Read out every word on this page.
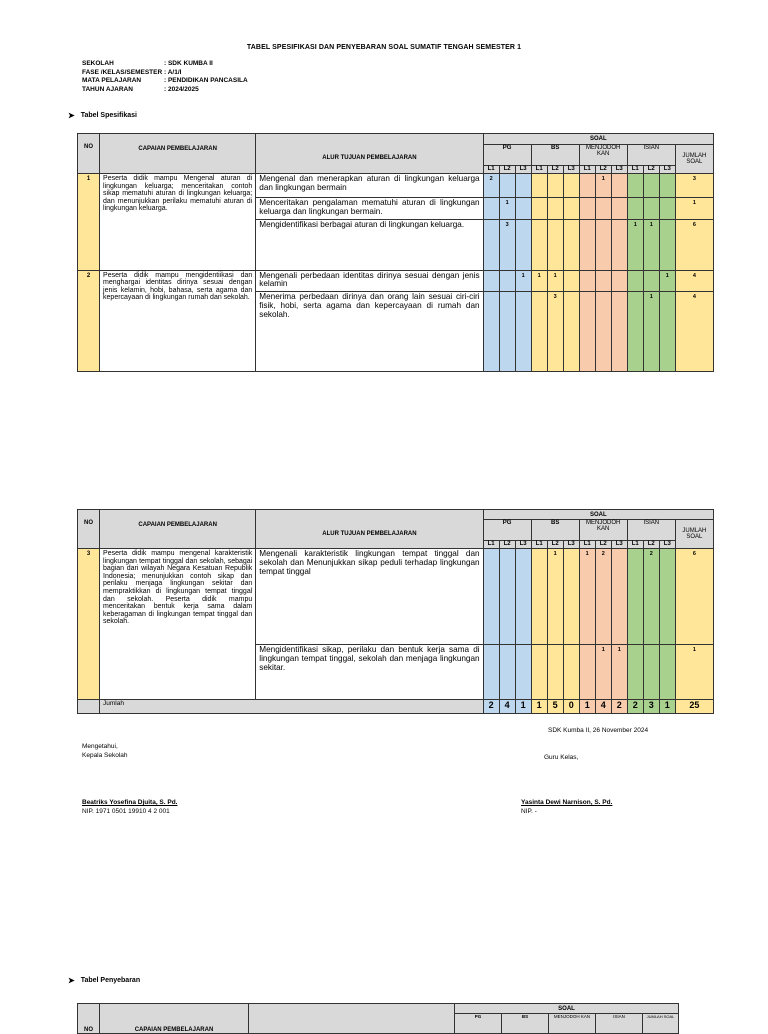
TABEL SPESIFIKASI DAN PENYEBARAN SOAL SUMATIF TENGAH SEMESTER 1
SEKOLAH	: SDK KUMBA II
FASE /KELAS/SEMESTER : A/1/I
MATA PELAJARAN	: PENDIDIKAN PANCASILA
TAHUN AJARAN	: 2024/2025
➤ Tabel Spesifikasi
NO	CAPAIAN PEMBELAJARAN	ALUR TUJUAN PEMBELAJARAN	SOAL												
			PG			BS			MENJODOH KAN			ISIAN			JUMLAH SOAL
			L1	L2	L3	L1	L2	L3	L1	L2	L3	L1	L2	L3	
1	Peserta didik mampu Mengenal aturan di lingkungan keluarga; menceritakan contoh sikap mematuhi aturan di lingkungan keluarga; dan menunjukkan perilaku mematuhi aturan di lingkungan keluarga.	Mengenal dan menerapkan aturan di lingkungan keluarga dan lingkungan bermain	2							1					3
		Menceritakan pengalaman mematuhi aturan di lingkungan keluarga dan lingkungan bermain.		1											1
		Mengidentifikasi berbagai aturan di lingkungan keluarga.		3								1	1		6
2	Peserta didik mampu mengidentiikasi dan menghargai identitas dirinya sesuai dengan jenis kelamin, hobi, bahasa, serta agama dan kepercayaan di lingkungan rumah dan sekolah.	Mengenali perbedaan identitas dirinya sesuai dengan jenis kelamin			1	1	1							1	4
		Menerima perbedaan dirinya dan orang lain sesuai ciri-ciri fisik, hobi, serta agama dan kepercayaan di rumah dan sekolah.					3						1		4
NO	CAPAIAN PEMBELAJARAN	ALUR TUJUAN PEMBELAJARAN	SOAL												
			PG			BS			MENJODOH KAN			ISIAN			JUMLAH SOAL
			L1	L2	L3	L1	L2	L3	L1	L2	L3	L1	L2	L3	
3	Peserta didik mampu mengenal karakteristik lingkungan tempat tinggal dan sekolah, sebagai bagian dari wilayah Negara Kesatuan Republik Indonesia; menunjukkan contoh sikap dan perilaku menjaga lingkungan sekitar dan mempraktikkan di lingkungan tempat tinggal dan sekolah. Peserta didik mampu menceritakan bentuk kerja sama dalam keberagaman di lingkungan tempat tinggal dan sekolah.	Mengenali karakteristik lingkungan tempat tinggal dan sekolah dan Menunjukkan sikap peduli terhadap lingkungan tempat tinggal					1		1	2			2		6
		Mengidentifikasi sikap, perilaku dan bentuk kerja sama di lingkungan tempat tinggal, sekolah dan menjaga lingkungan sekitar.								1	1				1
	Jumlah		2	4	1	1	5	0	1	4	2	2	3	1	25
SDK Kumba II, 26 November 2024
Mengetahui,
Kepala Sekolah	Guru Kelas,
Beatriks Yosefina Djuita, S. Pd.
NIP. 1971 0501 19910 4 2 001
Yasinta Dewi Narnison, S. Pd.
NIP. -
➤ Tabel Penyebaran
NO	CAPAIAN PEMBELAJARAN		SOAL				
			PG	BS	MENJODOH KAN	ISIAN	JUMLAH SOAL
